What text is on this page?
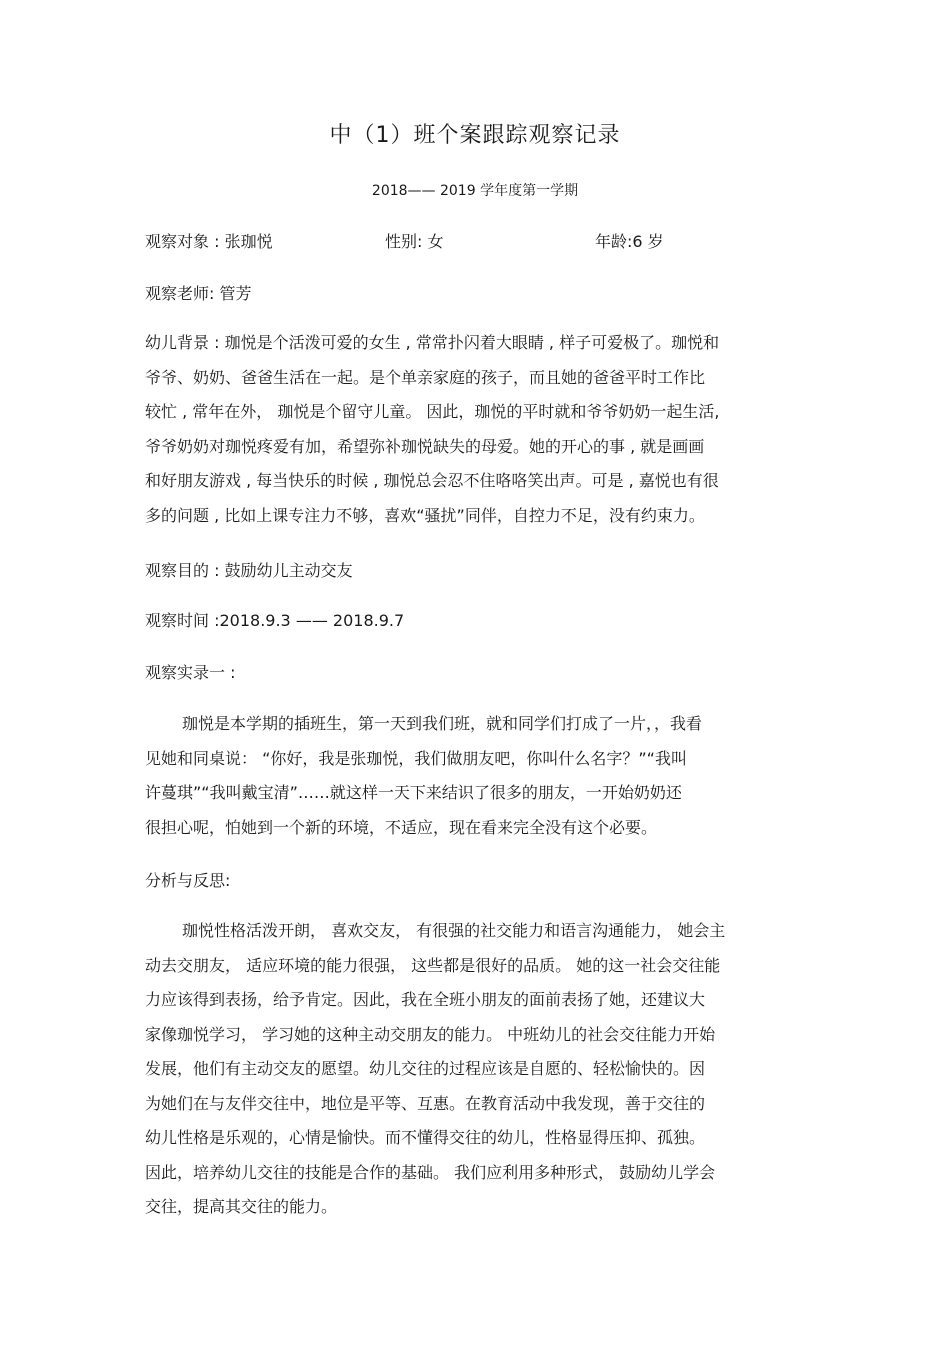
中（1）班个案跟踪观察记录
2018—— 2019 学年度第一学期
观察对象 : 张珈悦	性别: 女	年龄:6 岁
观察老师: 管芳
幼儿背景 : 珈悦是个活泼可爱的女生 , 常常扑闪着大眼睛 , 样子可爱极了。珈悦和
爷爷、奶奶、爸爸生活在一起。是个单亲家庭的孩子，而且她的爸爸平时工作比
较忙 , 常年在外， 珈悦是个留守儿童。 因此，珈悦的平时就和爷爷奶奶一起生活,
爷爷奶奶对珈悦疼爱有加，希望弥补珈悦缺失的母爱。她的开心的事 , 就是画画
和好朋友游戏 , 每当快乐的时候 , 珈悦总会忍不住咯咯笑出声。可是 , 嘉悦也有很
多的问题 , 比如上课专注力不够，喜欢“骚扰”同伴，自控力不足，没有约束力。
观察目的 : 鼓励幼儿主动交友
观察时间 :2018.9.3 —— 2018.9.7
观察实录一 :
珈悦是本学期的插班生，第一天到我们班，就和同学们打成了一片，，我看
见她和同桌说： “你好，我是张珈悦，我们做朋友吧，你叫什么名字？”“我叫
许蔓琪”“我叫戴宝清”……就这样一天下来结识了很多的朋友，一开始奶奶还
很担心呢，怕她到一个新的环境，不适应，现在看来完全没有这个必要。
分析与反思:
珈悦性格活泼开朗， 喜欢交友， 有很强的社交能力和语言沟通能力， 她会主
动去交朋友， 适应环境的能力很强， 这些都是很好的品质。 她的这一社会交往能
力应该得到表扬，给予肯定。因此，我在全班小朋友的面前表扬了她，还建议大
家像珈悦学习， 学习她的这种主动交朋友的能力。 中班幼儿的社会交往能力开始
发展，他们有主动交友的愿望。幼儿交往的过程应该是自愿的、轻松愉快的。因
为她们在与友伴交往中，地位是平等、互惠。在教育活动中我发现，善于交往的
幼儿性格是乐观的，心情是愉快。而不懂得交往的幼儿，性格显得压抑、孤独。
因此，培养幼儿交往的技能是合作的基础。 我们应利用多种形式， 鼓励幼儿学会
交往，提高其交往的能力。
